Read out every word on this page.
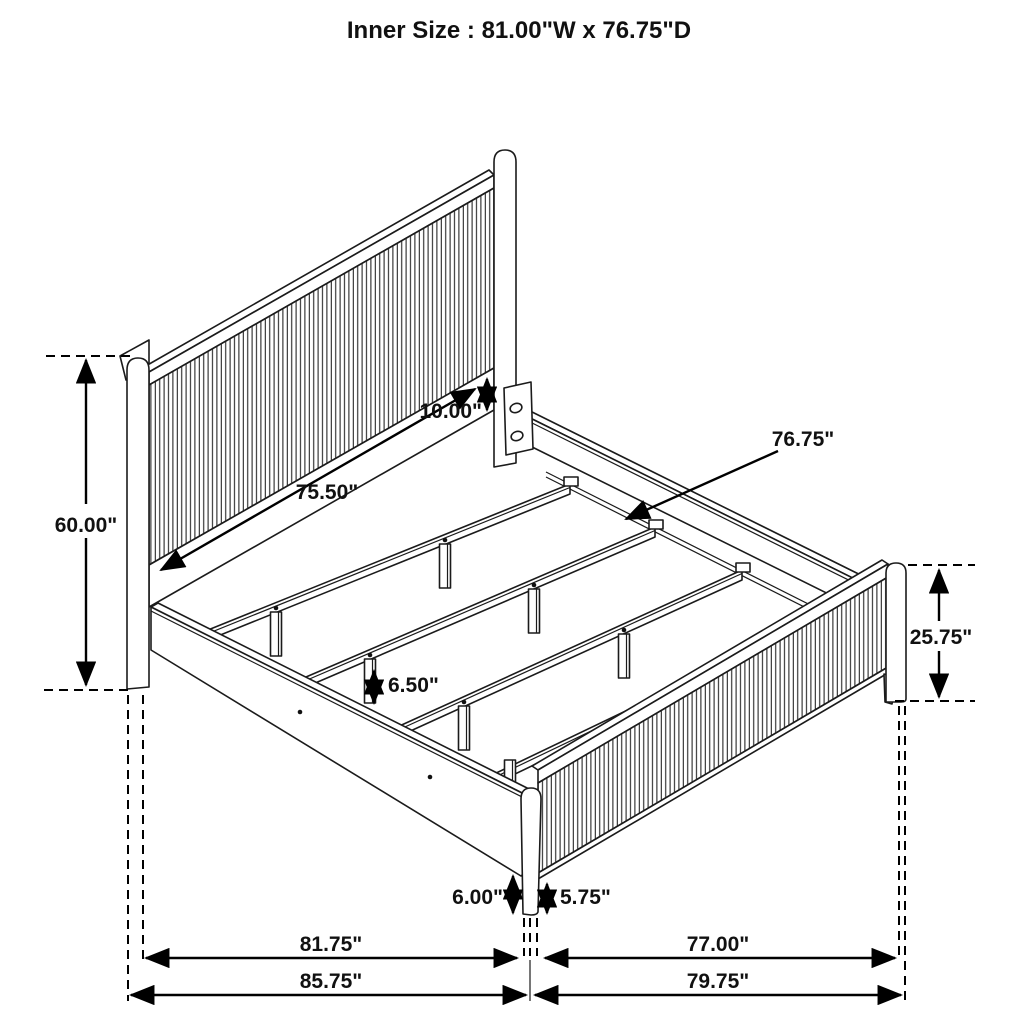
60.00"
75.50"
10.00"
76.75"
25.75"
6.50"
6.00"	5.75"
81.75"	77.00"
85.75"	79.75"
Inner Size : 81.00"W x 76.75"D
